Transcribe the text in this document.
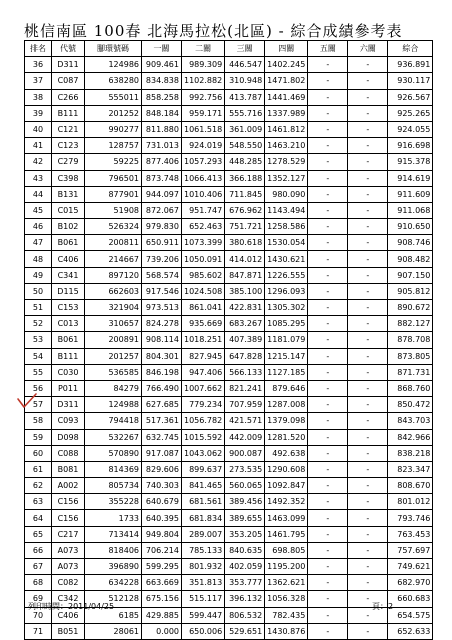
桃信南區 100春 北海馬拉松(北區) - 綜合成績參考表
排名	代號	腳環號碼	一關	二關	三關	四關	五關	六關	綜合
36	D311	124986	909.461	989.309	446.547	1402.245	-	-	936.891
37	C087	638280	834.838	1102.882	310.948	1471.802	-	-	930.117
38	C266	555011	858.258	992.756	413.787	1441.469	-	-	926.567
39	B111	201252	848.184	959.171	555.716	1337.989	-	-	925.265
40	C121	990277	811.880	1061.518	361.009	1461.812	-	-	924.055
41	C123	128757	731.013	924.019	548.550	1463.210	-	-	916.698
42	C279	59225	877.406	1057.293	448.285	1278.529	-	-	915.378
43	C398	796501	873.748	1066.413	366.188	1352.127	-	-	914.619
44	B131	877901	944.097	1010.406	711.845	980.090	-	-	911.609
45	C015	51908	872.067	951.747	676.962	1143.494	-	-	911.068
46	B102	526324	979.830	652.463	751.721	1258.586	-	-	910.650
47	B061	200811	650.911	1073.399	380.618	1530.054	-	-	908.746
48	C406	214667	739.206	1050.091	414.012	1430.621	-	-	908.482
49	C341	897120	568.574	985.602	847.871	1226.555	-	-	907.150
50	D115	662603	917.546	1024.508	385.100	1296.093	-	-	905.812
51	C153	321904	973.513	861.041	422.831	1305.302	-	-	890.672
52	C013	310657	824.278	935.669	683.267	1085.295	-	-	882.127
53	B061	200891	908.114	1018.251	407.389	1181.079	-	-	878.708
54	B111	201257	804.301	827.945	647.828	1215.147	-	-	873.805
55	C030	536585	846.198	947.406	566.133	1127.185	-	-	871.731
56	P011	84279	766.490	1007.662	821.241	879.646	-	-	868.760
57	D311	124988	627.685	779.234	707.959	1287.008	-	-	850.472
58	C093	794418	517.361	1056.782	421.571	1379.098	-	-	843.703
59	D098	532267	632.745	1015.592	442.009	1281.520	-	-	842.966
60	C088	570890	917.087	1043.062	900.087	492.638	-	-	838.218
61	B081	814369	829.606	899.637	273.535	1290.608	-	-	823.347
62	A002	805734	740.303	841.465	560.065	1092.847	-	-	808.670
63	C156	355228	640.679	681.561	389.456	1492.352	-	-	801.012
64	C156	1733	640.395	681.834	389.655	1463.099	-	-	793.746
65	C217	713414	949.804	289.007	353.205	1461.795	-	-	763.453
66	A073	818406	706.214	785.133	840.635	698.805	-	-	757.697
67	A073	396890	599.295	801.932	402.059	1195.200	-	-	749.621
68	C082	634228	663.669	351.813	353.777	1362.621	-	-	682.970
69	C342	512128	675.156	515.117	396.132	1056.328	-	-	660.683
70	C406	6185	429.885	599.447	806.532	782.435	-	-	654.575
71	B051	28061	0.000	650.006	529.651	1430.876	-	-	652.633
列印時間：2011/04/25	頁：2
